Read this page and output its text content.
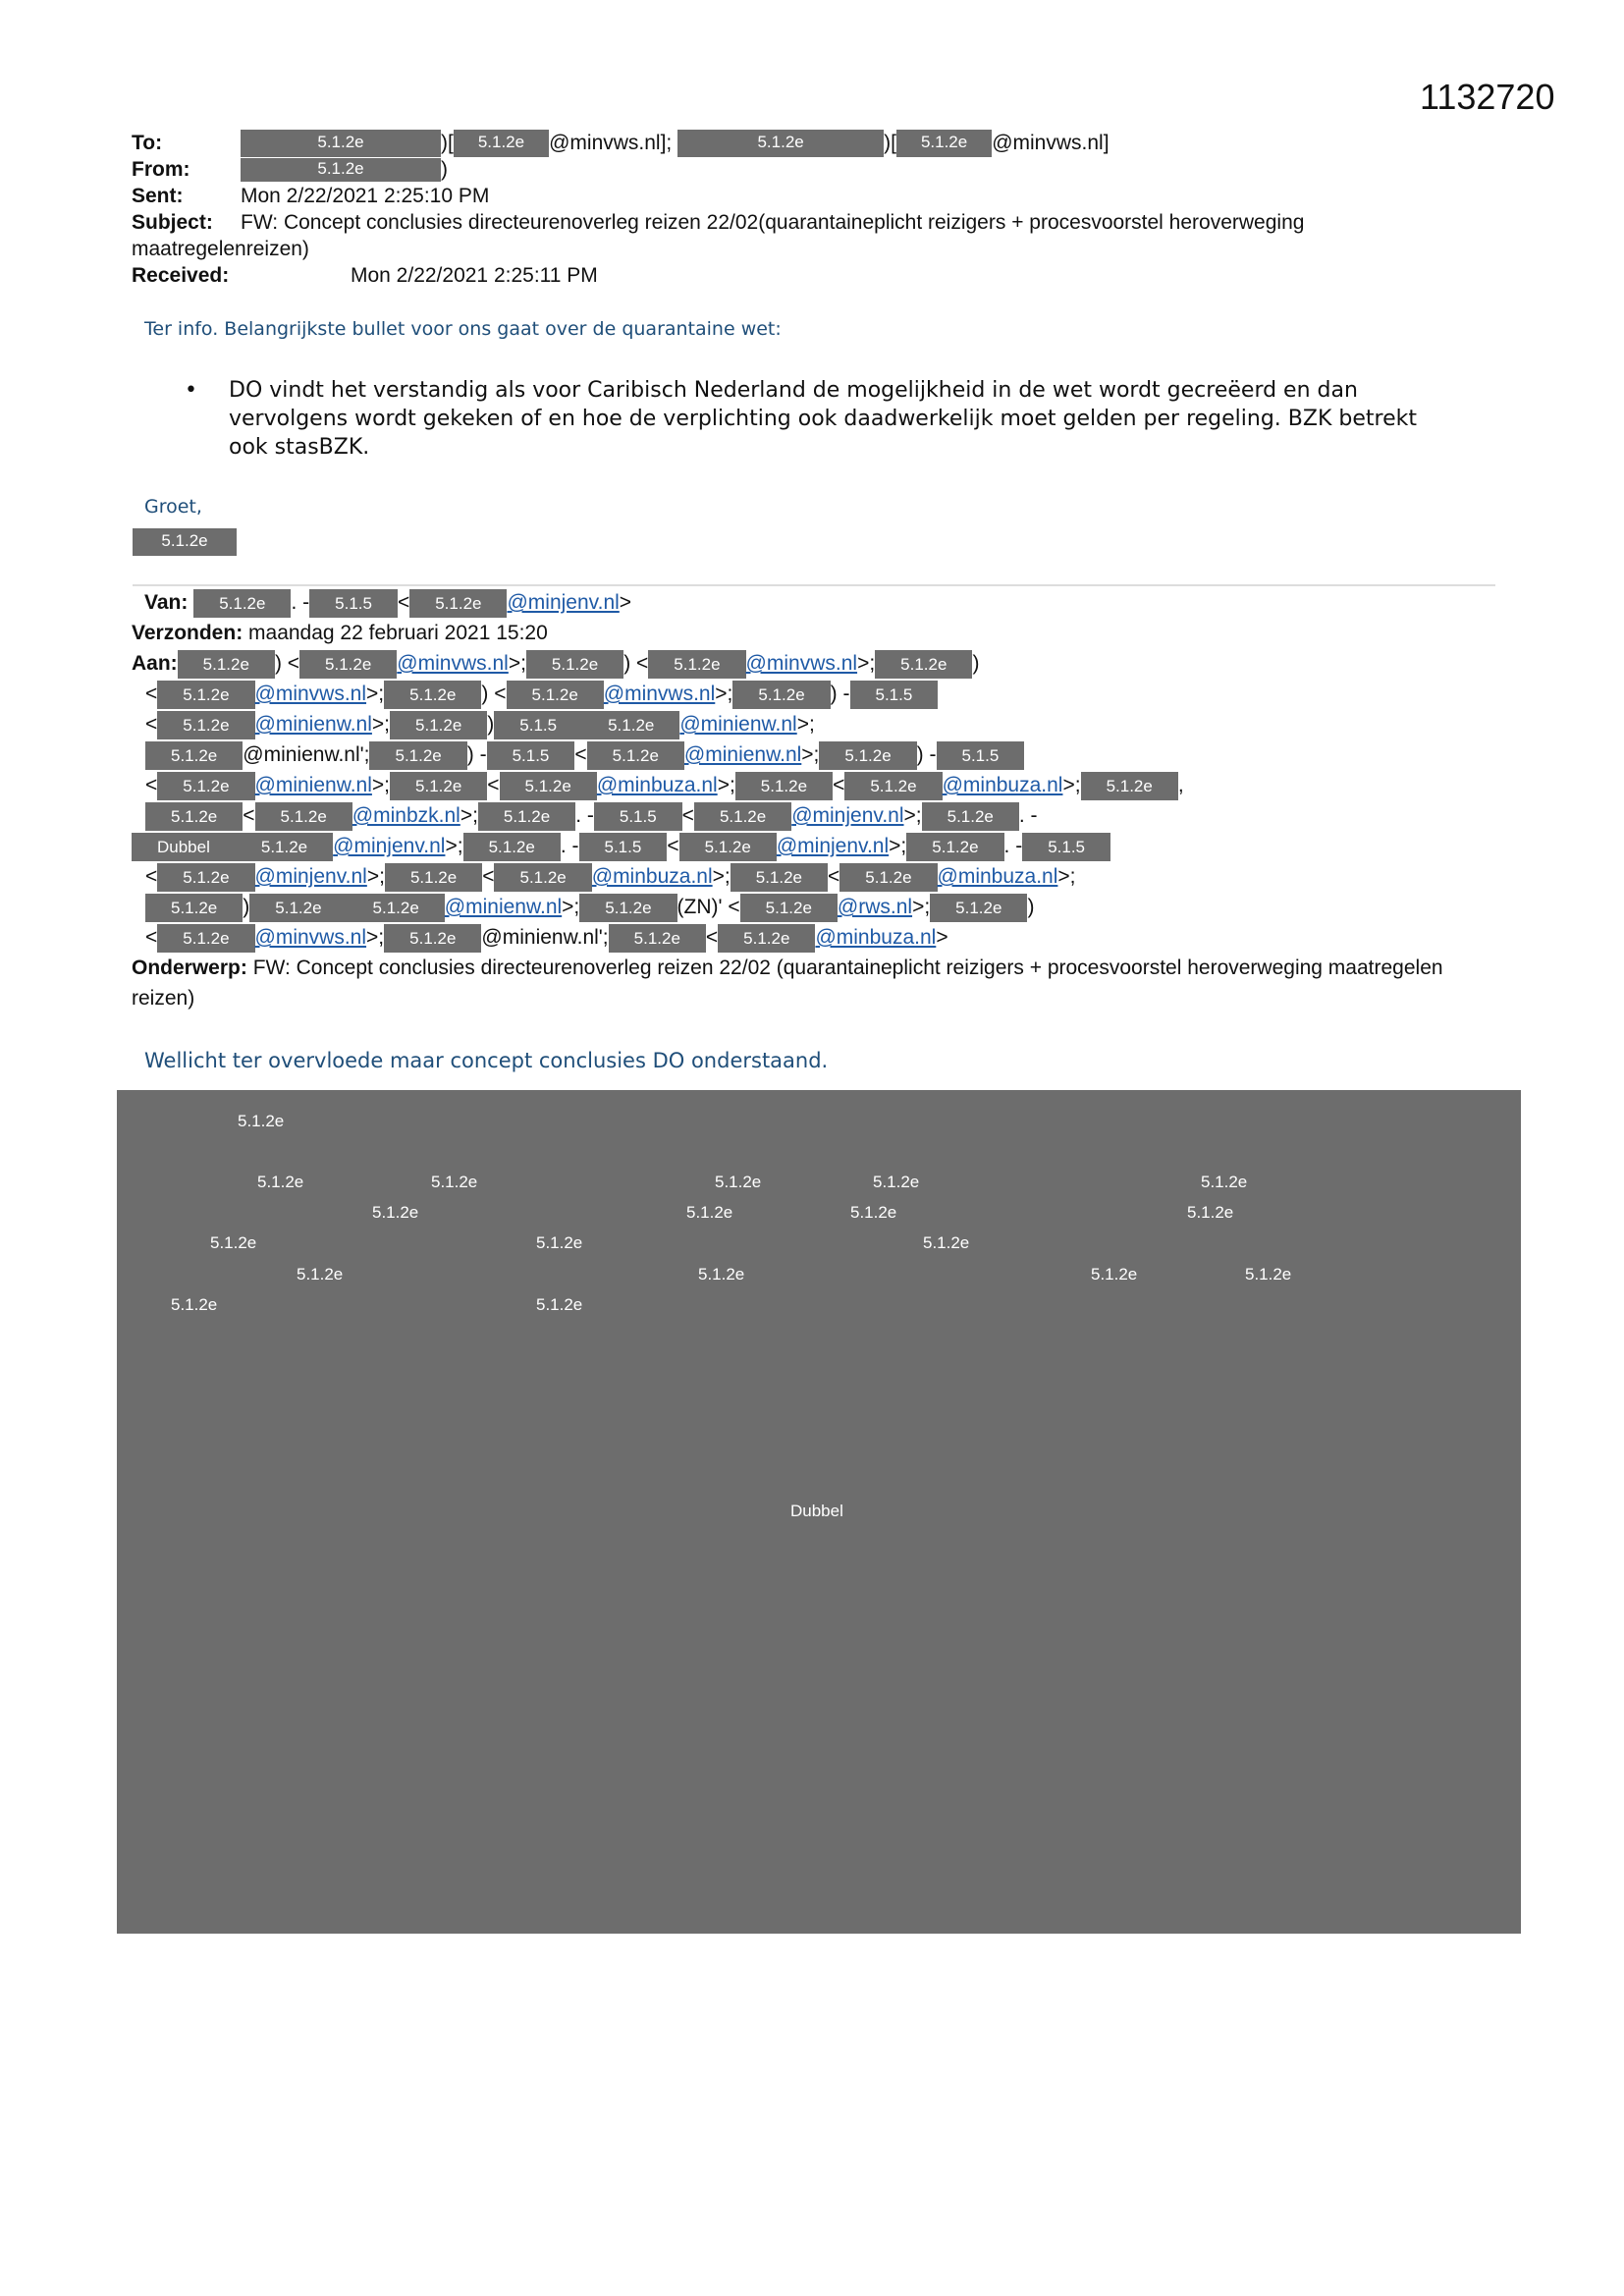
1132720
To:	5.1.2e	)[ 5.1.2e @minvws.nl];	5.1.2e	)[ 5.1.2e @minvws.nl]
From:	5.1.2e	)
Sent:	Mon 2/22/2021 2:25:10 PM
Subject: FW: Concept conclusies directeurenoverleg reizen 22/02(quarantaineplicht reizigers + procesvoorstel heroverweging maatregelenreizen)
Received:	Mon 2/22/2021 2:25:11 PM
Ter info. Belangrijkste bullet voor ons gaat over de quarantaine wet:
• DO vindt het verstandig als voor Caribisch Nederland de mogelijkheid in de wet wordt gecreëerd en dan vervolgens wordt gekeken of en hoe de verplichting ook daadwerkelijk moet gelden per regeling. BZK betrekt ook stasBZK.
Groet,
5.1.2e
Van: 5.1.2e . - 5.1.5 < 5.1.2e @minjenv.nl>
Verzonden: maandag 22 februari 2021 15:20
Aan: 5.1.2e ) < 5.1.2e @minvws.nl>; 5.1.2e ) < 5.1.2e @minvws.nl>; 5.1.2e )
< 5.1.2e @minvws.nl>; 5.1.2e ) < 5.1.2e @minvws.nl>; 5.1.2e ) - 5.1.5
< 5.1.2e @minienw.nl>; 5.1.2e ) 5.1.5	5.1.2e @minienw.nl>;
5.1.2e @minienw.nl'; 5.1.2e ) - 5.1.5 < 5.1.2e @minienw.nl>; 5.1.2e ) - 5.1.5
< 5.1.2e @minienw.nl>; 5.1.2e < 5.1.2e @minbuza.nl>; 5.1.2e < 5.1.2e @minbuza.nl>; 5.1.2e ,
5.1.2e < 5.1.2e @minbzk.nl>; 5.1.2e . - 5.1.5 < 5.1.2e @minjenv.nl>; 5.1.2e . -
Dubbel	5.1.2e @minjenv.nl>; 5.1.2e . - 5.1.5 < 5.1.2e @minjenv.nl>; 5.1.2e . - 5.1.5
< 5.1.2e @minjenv.nl>; 5.1.2e < 5.1.2e @minbuza.nl>; 5.1.2e < 5.1.2e @minbuza.nl>;
5.1.2e ) 5.1.2e	5.1.2e @minienw.nl>; 5.1.2e (ZN)' < 5.1.2e @rws.nl>; 5.1.2e )
< 5.1.2e @minvws.nl>; 5.1.2e @minienw.nl'; 5.1.2e < 5.1.2e @minbuza.nl>
Onderwerp: FW: Concept conclusies directeurenoverleg reizen 22/02 (quarantaineplicht reizigers + procesvoorstel heroverweging maatregelen reizen)
Wellicht ter overvloede maar concept conclusies DO onderstaand.
5.1.2e
5.1.2e	5.1.2e	5.1.2e	5.1.2e	5.1.2e
5.1.2e	5.1.2e	5.1.2e	5.1.2e
5.1.2e	5.1.2e	5.1.2e
5.1.2e	5.1.2e	5.1.2e	5.1.2e
5.1.2e	5.1.2e
Dubbel
